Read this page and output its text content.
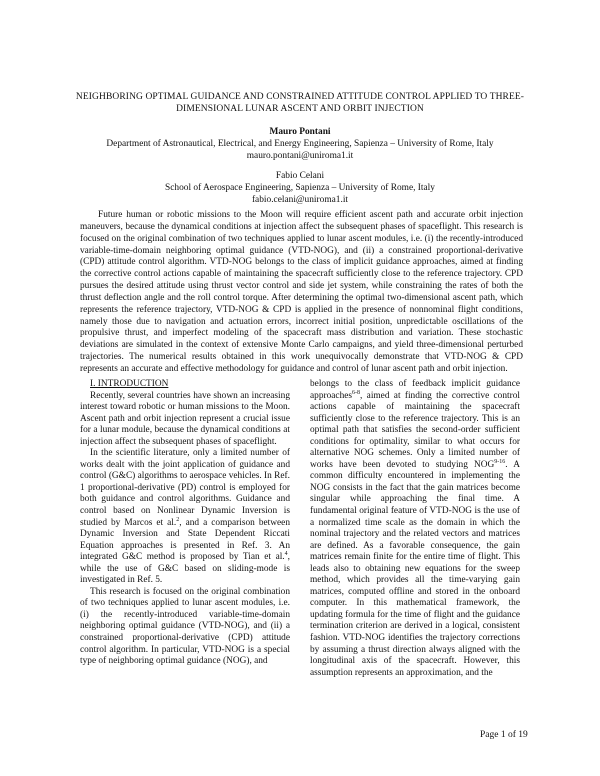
NEIGHBORING OPTIMAL GUIDANCE AND CONSTRAINED ATTITUDE CONTROL APPLIED TO THREE-
DIMENSIONAL LUNAR ASCENT AND ORBIT INJECTION
Mauro Pontani
Department of Astronautical, Electrical, and Energy Engineering, Sapienza – University of Rome, Italy
mauro.pontani@uniroma1.it
Fabio Celani
School of Aerospace Engineering, Sapienza – University of Rome, Italy
fabio.celani@uniroma1.it

Future human or robotic missions to the Moon will require efficient ascent path and accurate orbit injection maneuvers, because the dynamical conditions at injection affect the subsequent phases of spaceflight. This research is focused on the original combination of two techniques applied to lunar ascent modules, i.e. (i) the recently-introduced variable-time-domain neighboring optimal guidance (VTD-NOG), and (ii) a constrained proportional-derivative (CPD) attitude control algorithm. VTD-NOG belongs to the class of implicit guidance approaches, aimed at finding the corrective control actions capable of maintaining the spacecraft sufficiently close to the reference trajectory. CPD pursues the desired attitude using thrust vector control and side jet system, while constraining the rates of both the thrust deflection angle and the roll control torque. After determining the optimal two-dimensional ascent path, which represents the reference trajectory, VTD-NOG & CPD is applied in the presence of nonnominal flight conditions, namely those due to navigation and actuation errors, incorrect initial position, unpredictable oscillations of the propulsive thrust, and imperfect modeling of the spacecraft mass distribution and variation. These stochastic deviations are simulated in the context of extensive Monte Carlo campaigns, and yield three-dimensional perturbed trajectories. The numerical results obtained in this work unequivocally demonstrate that VTD-NOG & CPD represents an accurate and effective methodology for guidance and control of lunar ascent path and orbit injection.

I. INTRODUCTION

Recently, several countries have shown an increasing interest toward robotic or human missions to the Moon. Ascent path and orbit injection represent a crucial issue for a lunar module, because the dynamical conditions at injection affect the subsequent phases of spaceflight.

In the scientific literature, only a limited number of works dealt with the joint application of guidance and control (G&C) algorithms to aerospace vehicles. In Ref. 1 proportional-derivative (PD) control is employed for both guidance and control algorithms. Guidance and control based on Nonlinear Dynamic Inversion is studied by Marcos et al.$^2$, and a comparison between Dynamic Inversion and State Dependent Riccati Equation approaches is presented in Ref. 3. An integrated G&C method is proposed by Tian et al.$^4$, while the use of G&C based on sliding-mode is investigated in Ref. 5.

This research is focused on the original combination of two techniques applied to lunar ascent modules, i.e. (i) the recently-introduced variable-time-domain neighboring optimal guidance (VTD-NOG), and (ii) a constrained proportional-derivative (CPD) attitude control algorithm. In particular, VTD-NOG is a special type of neighboring optimal guidance (NOG), and

belongs to the class of feedback implicit guidance approaches$^{6-8}$, aimed at finding the corrective control actions capable of maintaining the spacecraft sufficiently close to the reference trajectory. This is an optimal path that satisfies the second-order sufficient conditions for optimality, similar to what occurs for alternative NOG schemes. Only a limited number of works have been devoted to studying NOG$^{9-16}$. A common difficulty encountered in implementing the NOG consists in the fact that the gain matrices become singular while approaching the final time. A fundamental original feature of VTD-NOG is the use of a normalized time scale as the domain in which the nominal trajectory and the related vectors and matrices are defined. As a favorable consequence, the gain matrices remain finite for the entire time of flight. This leads also to obtaining new equations for the sweep method, which provides all the time-varying gain matrices, computed offline and stored in the onboard computer. In this mathematical framework, the updating formula for the time of flight and the guidance termination criterion are derived in a logical, consistent fashion. VTD-NOG identifies the trajectory corrections by assuming a thrust direction always aligned with the longitudinal axis of the spacecraft. However, this assumption represents an approximation, and the

Page 1 of 19
